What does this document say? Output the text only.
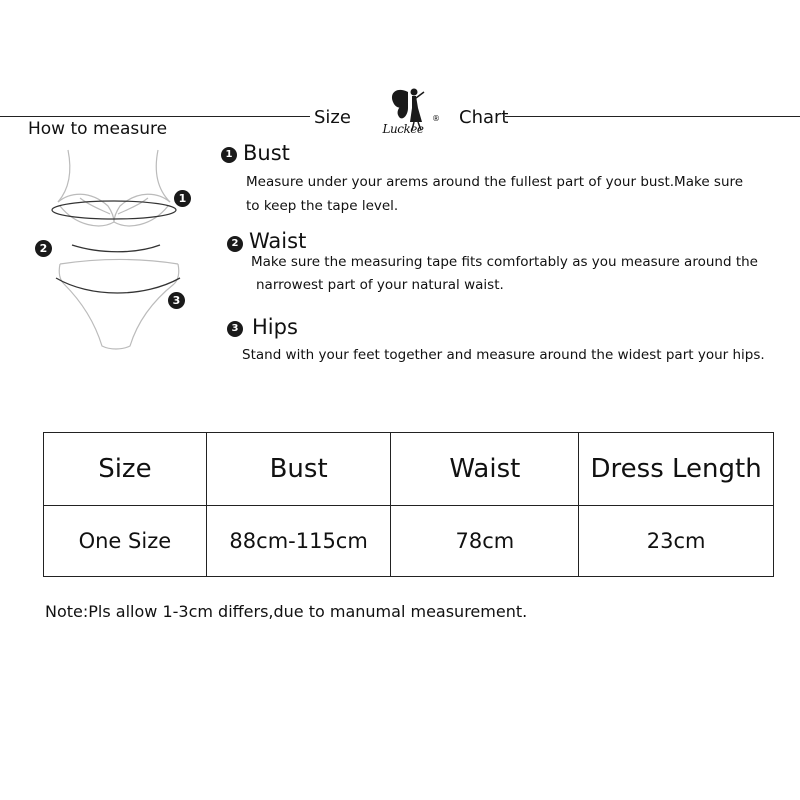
Size	Chart
Luckee
®
How to measure
1
2
3
1 Bust
Measure under your arems around the fullest part of your bust.Make sure
to keep the tape level.
2 Waist
Make sure the measuring tape fits comfortably as you measure around the
narrowest part of your natural waist.
3 Hips
Stand with your feet together and measure around the widest part your hips.
Size	Bust	Waist	Dress Length
One Size	88cm-115cm	78cm	23cm
Note:Pls allow 1-3cm differs,due to manumal measurement.
